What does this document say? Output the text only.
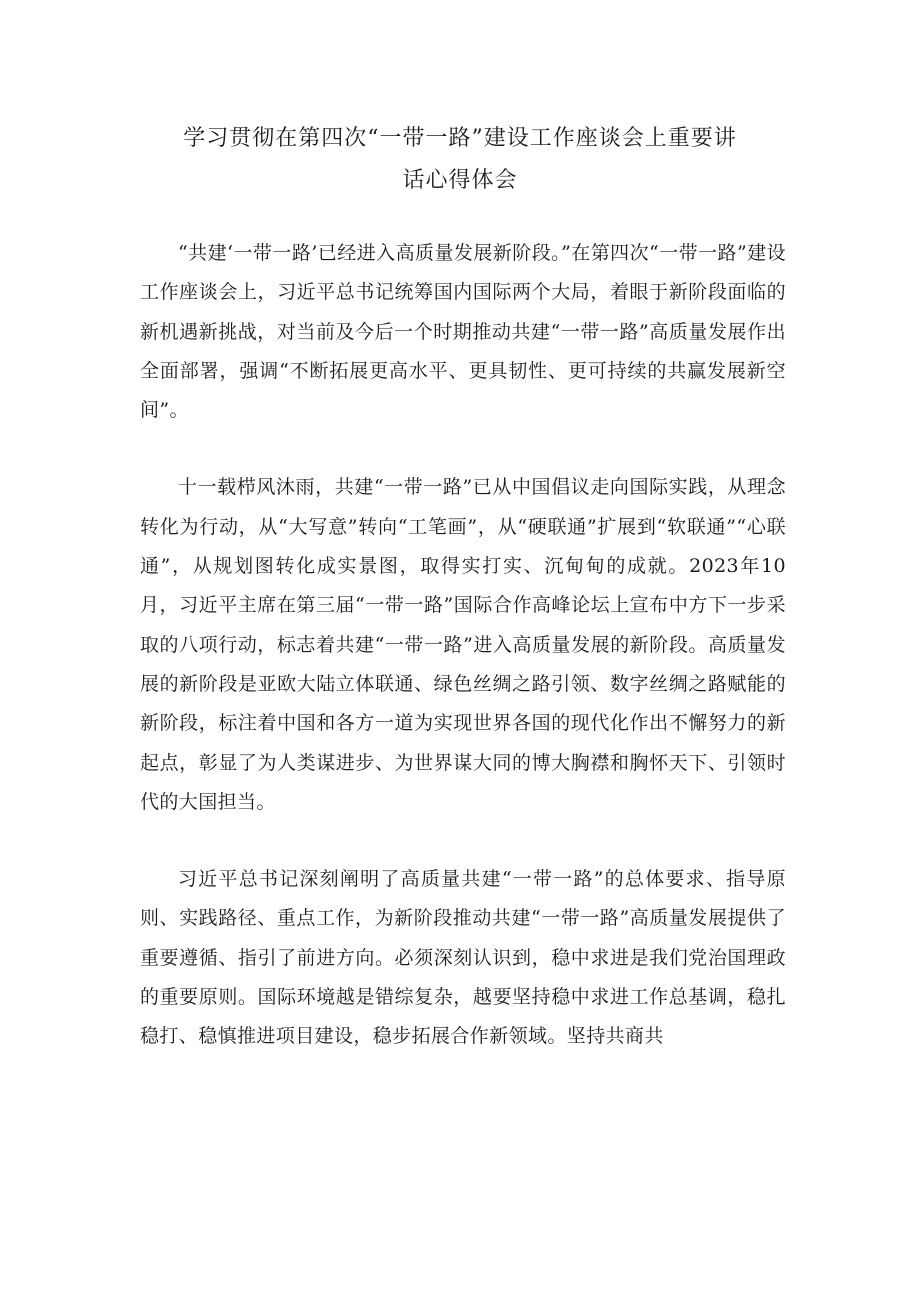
学习贯彻在第四次“一带一路”建设工作座谈会上重要讲
话心得体会

“共建‘一带一路’已经进入高质量发展新阶段。”在第四次“一带一路”建设工作座谈会上，习近平总书记统筹国内国际两个大局，着眼于新阶段面临的新机遇新挑战，对当前及今后一个时期推动共建“一带一路”高质量发展作出全面部署，强调“不断拓展更高水平、更具韧性、更可持续的共赢发展新空间”。

十一载栉风沐雨，共建“一带一路”已从中国倡议走向国际实践，从理念转化为行动，从“大写意”转向“工笔画”，从“硬联通”扩展到“软联通”“心联通”，从规划图转化成实景图，取得实打实、沉甸甸的成就。2023年10月，习近平主席在第三届“一带一路”国际合作高峰论坛上宣布中方下一步采取的八项行动，标志着共建“一带一路”进入高质量发展的新阶段。高质量发展的新阶段是亚欧大陆立体联通、绿色丝绸之路引领、数字丝绸之路赋能的新阶段，标注着中国和各方一道为实现世界各国的现代化作出不懈努力的新起点，彰显了为人类谋进步、为世界谋大同的博大胸襟和胸怀天下、引领时代的大国担当。

习近平总书记深刻阐明了高质量共建“一带一路”的总体要求、指导原则、实践路径、重点工作，为新阶段推动共建“一带一路”高质量发展提供了重要遵循、指引了前进方向。必须深刻认识到，稳中求进是我们党治国理政的重要原则。国际环境越是错综复杂，越要坚持稳中求进工作总基调，稳扎稳打、稳慎推进项目建设，稳步拓展合作新领域。坚持共商共
